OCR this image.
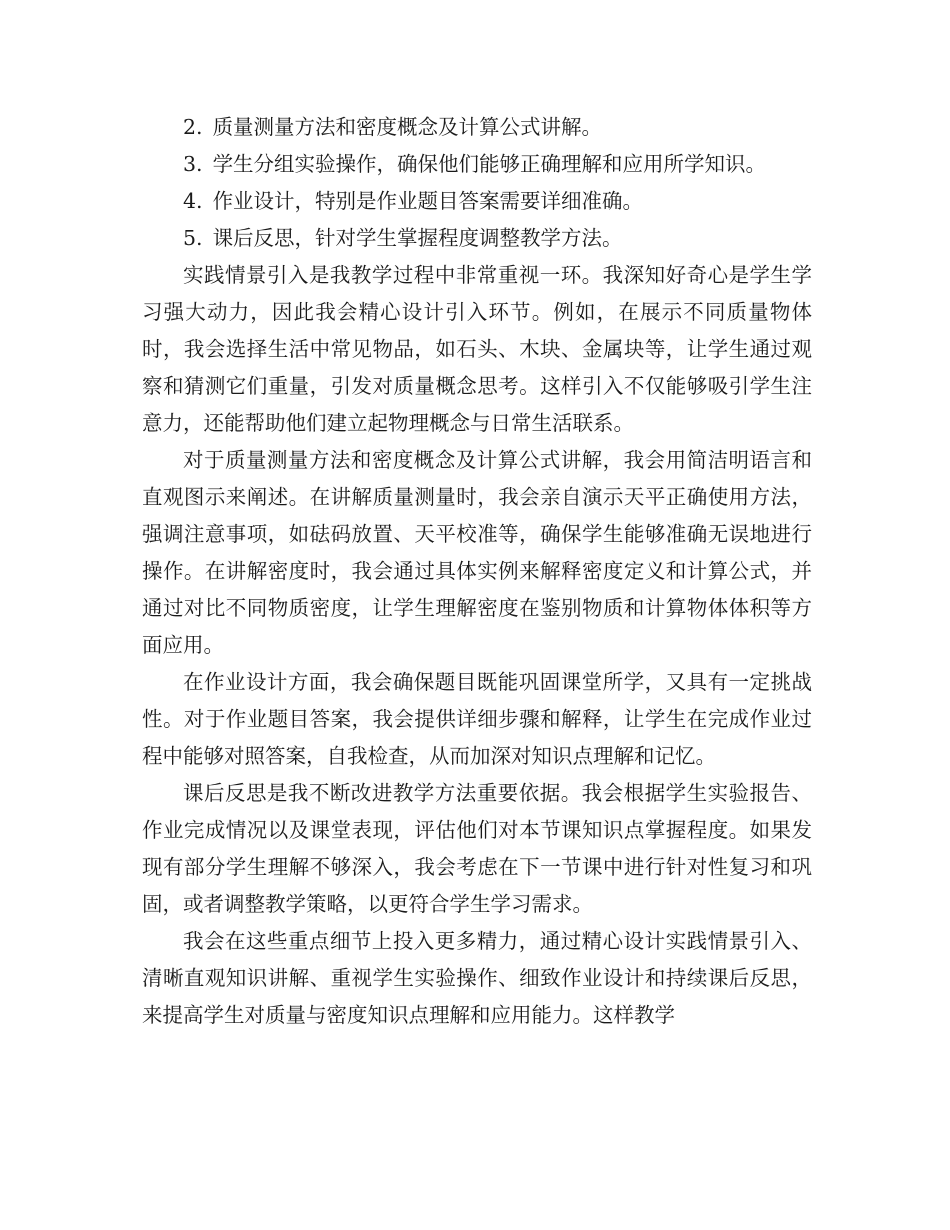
2. 质量测量方法和密度概念及计算公式讲解。

3. 学生分组实验操作，确保他们能够正确理解和应用所学知识。

4. 作业设计，特别是作业题目答案需要详细准确。

5. 课后反思，针对学生掌握程度调整教学方法。

实践情景引入是我教学过程中非常重视一环。我深知好奇心是学生学习强大动力，因此我会精心设计引入环节。例如，在展示不同质量物体时，我会选择生活中常见物品，如石头、木块、金属块等，让学生通过观察和猜测它们重量，引发对质量概念思考。这样引入不仅能够吸引学生注意力，还能帮助他们建立起物理概念与日常生活联系。

对于质量测量方法和密度概念及计算公式讲解，我会用简洁明语言和直观图示来阐述。在讲解质量测量时，我会亲自演示天平正确使用方法，强调注意事项，如砝码放置、天平校准等，确保学生能够准确无误地进行操作。在讲解密度时，我会通过具体实例来解释密度定义和计算公式，并通过对比不同物质密度，让学生理解密度在鉴别物质和计算物体体积等方面应用。

在作业设计方面，我会确保题目既能巩固课堂所学，又具有一定挑战性。对于作业题目答案，我会提供详细步骤和解释，让学生在完成作业过程中能够对照答案，自我检查，从而加深对知识点理解和记忆。

课后反思是我不断改进教学方法重要依据。我会根据学生实验报告、作业完成情况以及课堂表现，评估他们对本节课知识点掌握程度。如果发现有部分学生理解不够深入，我会考虑在下一节课中进行针对性复习和巩固，或者调整教学策略，以更符合学生学习需求。

我会在这些重点细节上投入更多精力，通过精心设计实践情景引入、清晰直观知识讲解、重视学生实验操作、细致作业设计和持续课后反思，来提高学生对质量与密度知识点理解和应用能力。这样教学
